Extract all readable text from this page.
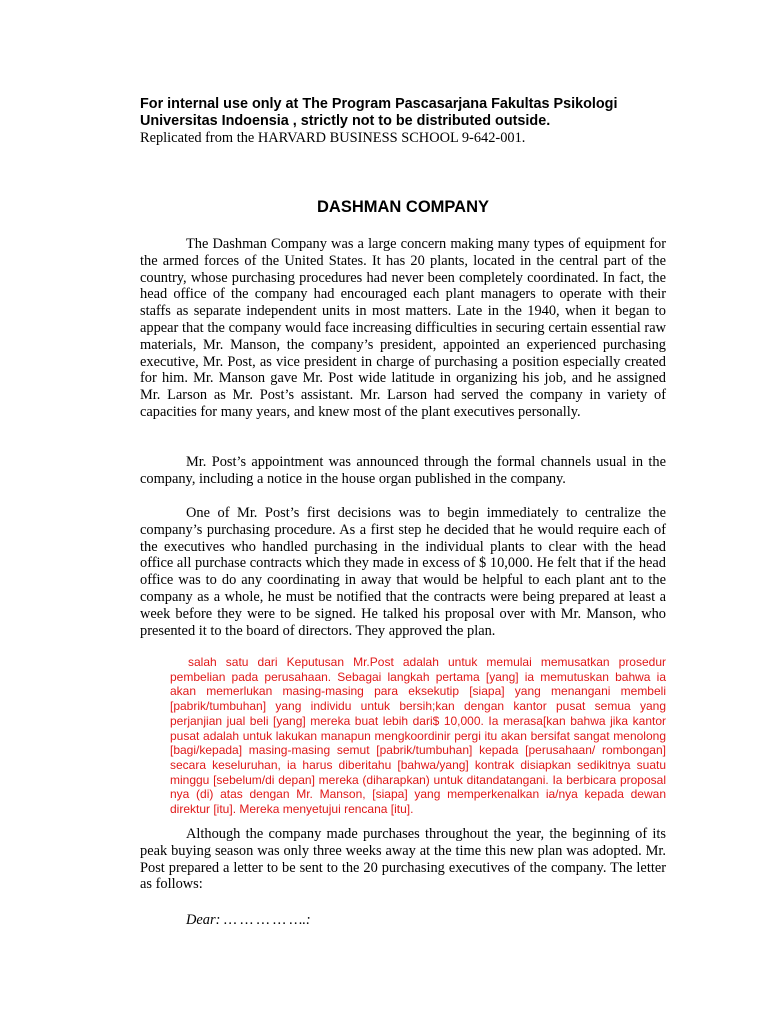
For internal use only at The Program Pascasarjana Fakultas Psikologi

Universitas Indoensia , strictly not to be distributed outside.

Replicated from the HARVARD BUSINESS SCHOOL 9-642-001.

DASHMAN COMPANY

The Dashman Company was a large concern making many types of equipment for the armed forces of the United States. It has 20 plants, located in the central part of the country, whose purchasing procedures had never been completely coordinated. In fact, the head office of the company had encouraged each plant managers to operate with their staffs as separate independent units in most matters. Late in the 1940, when it began to appear that the company would face increasing difficulties in securing certain essential raw materials, Mr. Manson, the company’s president, appointed an experienced purchasing executive, Mr. Post, as vice president in charge of purchasing a position especially created for him. Mr. Manson gave Mr. Post wide latitude in organizing his job, and he assigned Mr. Larson as Mr. Post’s assistant. Mr. Larson had served the company in variety of capacities for many years, and knew most of the plant executives personally.

Mr. Post’s appointment was announced through the formal channels usual in the company, including a notice in the house organ published in the company.

One of Mr. Post’s first decisions was to begin immediately to centralize the company’s purchasing procedure. As a first step he decided that he would require each of the executives who handled purchasing in the individual plants to clear with the head office all purchase contracts which they made in excess of $ 10,000. He felt that if the head office was to do any coordinating in away that would be helpful to each plant ant to the company as a whole, he must be notified that the contracts were being prepared at least a week before they were to be signed. He talked his proposal over with Mr. Manson, who presented it to the board of directors. They approved the plan.

salah satu dari Keputusan Mr.Post adalah untuk memulai memusatkan prosedur pembelian pada perusahaan. Sebagai langkah pertama [yang] ia memutuskan bahwa ia akan memerlukan masing-masing para eksekutip [siapa] yang menangani membeli [pabrik/tumbuhan] yang individu untuk bersih;kan dengan kantor pusat semua yang perjanjian jual beli [yang] mereka buat lebih dari$ 10,000. Ia merasa[kan bahwa jika kantor pusat adalah untuk lakukan manapun mengkoordinir pergi itu akan bersifat sangat menolong [bagi/kepada] masing-masing semut [pabrik/tumbuhan] kepada [perusahaan/ rombongan] secara keseluruhan, ia harus diberitahu [bahwa/yang] kontrak disiapkan sedikitnya suatu minggu [sebelum/di depan] mereka (diharapkan) untuk ditandatangani. Ia berbicara proposal nya (di) atas dengan Mr. Manson, [siapa] yang memperkenalkan ia/nya kepada dewan direktur [itu]. Mereka menyetujui rencana [itu].

Although the company made purchases throughout the year, the beginning of its peak buying season was only three weeks away at the time this new plan was adopted. Mr. Post prepared a letter to be sent to the 20 purchasing executives of the company. The letter as follows:

Dear: … … … … ….:
